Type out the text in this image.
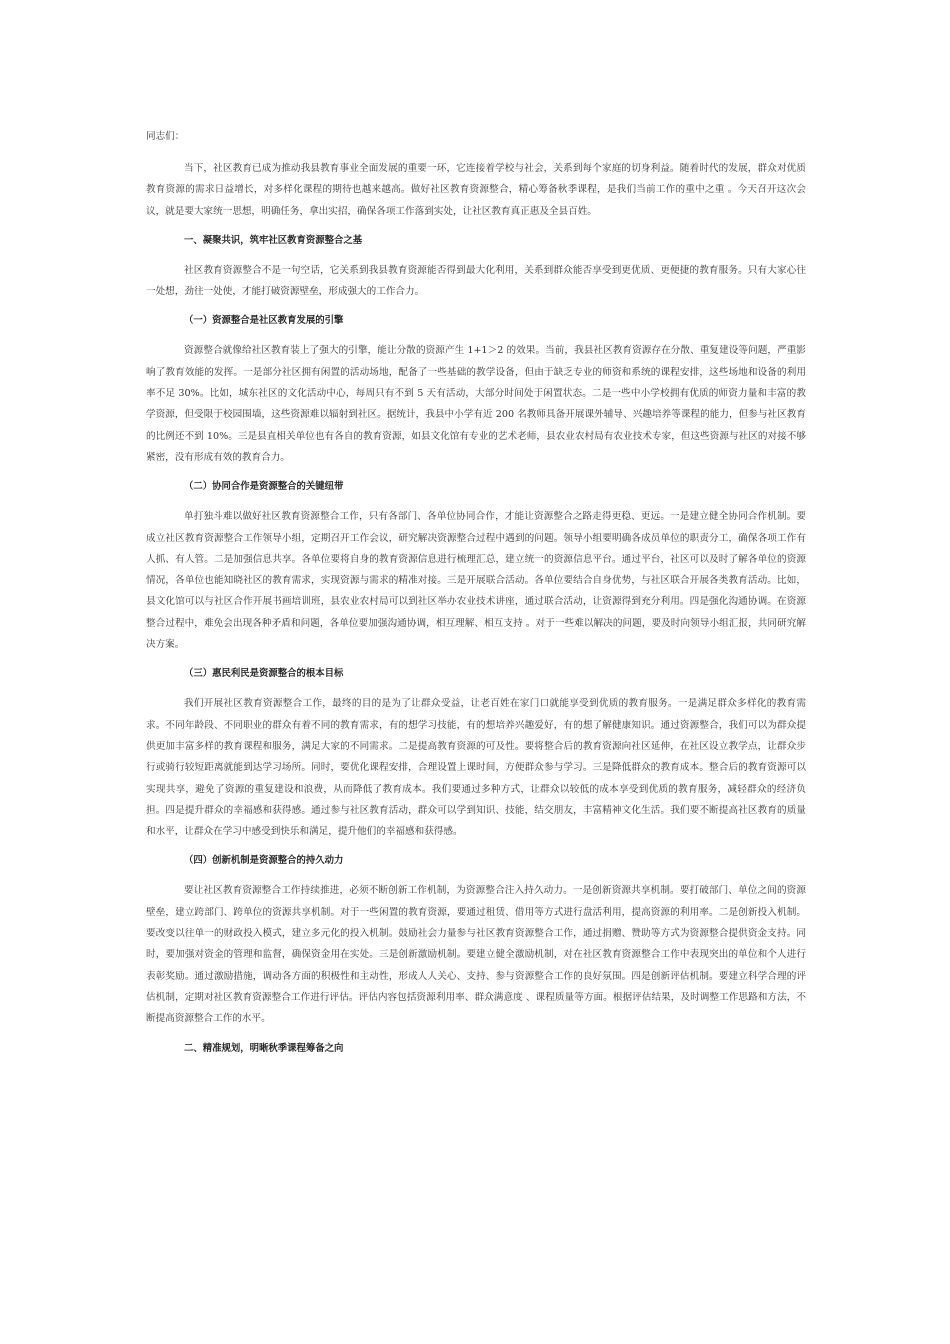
同志们：

当下，社区教育已成为推动我县教育事业全面发展的重要一环，它连接着学校与社会，关系到每个家庭的切身利益。随着时代的发展，群众对优质教育资源的需求日益增长，对多样化课程的期待也越来越高。做好社区教育资源整合，精心筹备秋季课程，是我们当前工作的重中之重 。今天召开这次会议，就是要大家统一思想，明确任务，拿出实招，确保各项工作落到实处，让社区教育真正惠及全县百姓。

一、凝聚共识，筑牢社区教育资源整合之基

社区教育资源整合不是一句空话，它关系到我县教育资源能否得到最大化利用，关系到群众能否享受到更优质、更便捷的教育服务。只有大家心往一处想，劲往一处使，才能打破资源壁垒，形成强大的工作合力。

（一）资源整合是社区教育发展的引擎

资源整合就像给社区教育装上了强大的引擎，能让分散的资源产生 1+1＞2 的效果。当前，我县社区教育资源存在分散、重复建设等问题，严重影响了教育效能的发挥。一是部分社区拥有闲置的活动场地，配备了一些基础的教学设备，但由于缺乏专业的师资和系统的课程安排，这些场地和设备的利用率不足 30%。比如，城东社区的文化活动中心，每周只有不到 5 天有活动，大部分时间处于闲置状态。二是一些中小学校拥有优质的师资力量和丰富的教学资源，但受限于校园围墙，这些资源难以辐射到社区。据统计，我县中小学有近 200 名教师具备开展课外辅导、兴趣培养等课程的能力，但参与社区教育的比例还不到 10%。三是县直相关单位也有各自的教育资源，如县文化馆有专业的艺术老师，县农业农村局有农业技术专家，但这些资源与社区的对接不够紧密，没有形成有效的教育合力。

（二）协同合作是资源整合的关键纽带

单打独斗难以做好社区教育资源整合工作，只有各部门、各单位协同合作，才能让资源整合之路走得更稳、更远。一是建立健全协同合作机制。要成立社区教育资源整合工作领导小组，定期召开工作会议，研究解决资源整合过程中遇到的问题。领导小组要明确各成员单位的职责分工，确保各项工作有人抓、有人管。二是加强信息共享。各单位要将自身的教育资源信息进行梳理汇总，建立统一的资源信息平台。通过平台，社区可以及时了解各单位的资源情况，各单位也能知晓社区的教育需求，实现资源与需求的精准对接。三是开展联合活动。各单位要结合自身优势，与社区联合开展各类教育活动。比如，县文化馆可以与社区合作开展书画培训班，县农业农村局可以到社区举办农业技术讲座，通过联合活动，让资源得到充分利用。四是强化沟通协调。在资源整合过程中，难免会出现各种矛盾和问题，各单位要加强沟通协调，相互理解、相互支持 。对于一些难以解决的问题，要及时向领导小组汇报，共同研究解决方案。

（三）惠民利民是资源整合的根本目标

我们开展社区教育资源整合工作，最终的目的是为了让群众受益，让老百姓在家门口就能享受到优质的教育服务。一是满足群众多样化的教育需求。不同年龄段、不同职业的群众有着不同的教育需求，有的想学习技能，有的想培养兴趣爱好，有的想了解健康知识。通过资源整合，我们可以为群众提供更加丰富多样的教育课程和服务，满足大家的不同需求。二是提高教育资源的可及性。要将整合后的教育资源向社区延伸，在社区设立教学点，让群众步行或骑行较短距离就能到达学习场所。同时，要优化课程安排，合理设置上课时间，方便群众参与学习。三是降低群众的教育成本。整合后的教育资源可以实现共享，避免了资源的重复建设和浪费，从而降低了教育成本。我们要通过多种方式，让群众以较低的成本享受到优质的教育服务，减轻群众的经济负担。四是提升群众的幸福感和获得感。通过参与社区教育活动，群众可以学到知识、技能，结交朋友，丰富精神文化生活。我们要不断提高社区教育的质量和水平，让群众在学习中感受到快乐和满足，提升他们的幸福感和获得感。

（四）创新机制是资源整合的持久动力

要让社区教育资源整合工作持续推进，必须不断创新工作机制，为资源整合注入持久动力。一是创新资源共享机制。要打破部门、单位之间的资源壁垒，建立跨部门、跨单位的资源共享机制。对于一些闲置的教育资源，要通过租赁、借用等方式进行盘活利用，提高资源的利用率。二是创新投入机制。要改变以往单一的财政投入模式，建立多元化的投入机制。鼓励社会力量参与社区教育资源整合工作，通过捐赠、赞助等方式为资源整合提供资金支持。同时，要加强对资金的管理和监督，确保资金用在实处。三是创新激励机制。要建立健全激励机制，对在社区教育资源整合工作中表现突出的单位和个人进行表彰奖励。通过激励措施，调动各方面的积极性和主动性，形成人人关心、支持、参与资源整合工作的良好氛围。四是创新评估机制。要建立科学合理的评估机制，定期对社区教育资源整合工作进行评估。评估内容包括资源利用率、群众满意度 、课程质量等方面。根据评估结果，及时调整工作思路和方法，不断提高资源整合工作的水平。

二、精准规划，明晰秋季课程筹备之向
